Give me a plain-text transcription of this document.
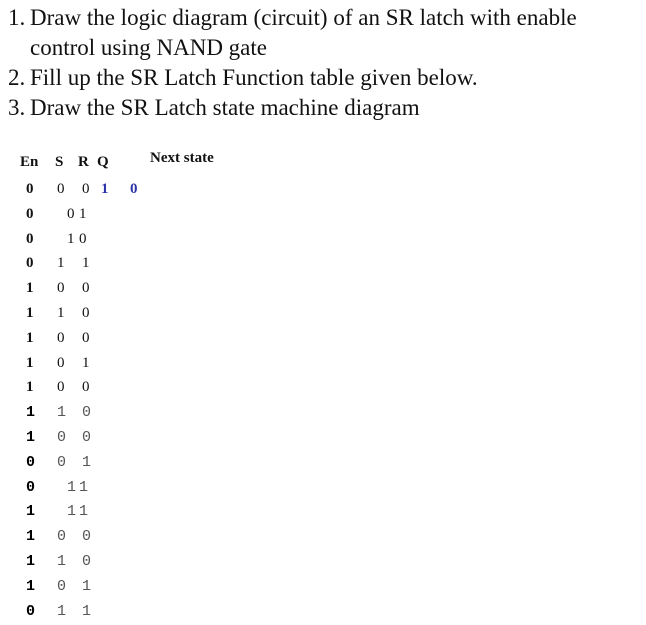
1. Draw the logic diagram (circuit) of an SR latch with enable
control using NAND gate
2. Fill up the SR Latch Function table given below.
3. Draw the SR Latch state machine diagram
En S R Q	Next state
0 0 0 1 0
0 0 1
0 1 0
0 1 1
1 0 0
1 1 0
1 0 0
1 0 1
1 0 0
1 1 0
1 0 0
0 0 1
0 1 1
1 1 1
1 0 0
1 1 0
1 0 1
0 1 1
